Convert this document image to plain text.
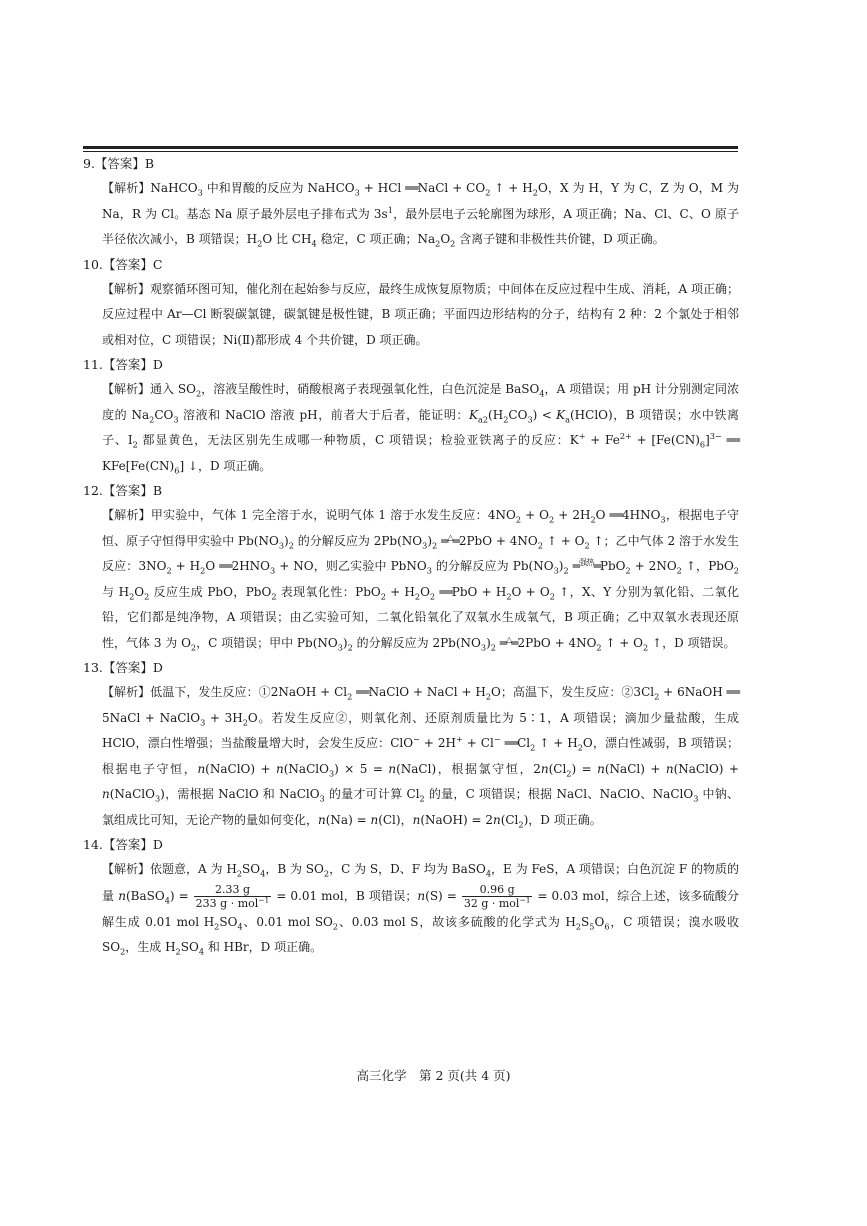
9.【答案】B

【解析】NaHCO$_3$ 中和胃酸的反应为 NaHCO$_3$ + HCl ══NaCl + $CO_2$ ↑ + $H_2O$，X 为 H，Y 为 C，Z 为 O，M 为 Na，R 为 Cl。基态 Na 原子最外层电子排布式为 $3s^1$，最外层电子云轮廓图为球形，A 项正确；Na、Cl、C、O 原子半径依次减小，B 项错误；$H_2O$ 比 $CH_4$ 稳定，C 项正确；$Na_2O_2$ 含离子键和非极性共价键，D 项正确。

10.【答案】C

【解析】观察循环图可知，催化剂在起始参与反应，最终生成恢复原物质；中间体在反应过程中生成、消耗，A 项正确；反应过程中 Ar—Cl 断裂碳氯键，碳氯键是极性键，B 项正确；平面四边形结构的分子，结构有 2 种：2 个氯处于相邻或相对位，C 项错误；Ni(Ⅱ)都形成 4 个共价键，D 项正确。

11.【答案】D

【解析】通入 $SO_2$，溶液呈酸性时，硝酸根离子表现强氧化性，白色沉淀是 BaSO$_4$，A 项错误；用 pH 计分别测定同浓度的 $Na_2CO_3$ 溶液和 NaClO 溶液 pH，前者大于后者，能证明：$K_{a2}(H_2CO_3)$ < $K_a(HClO)$，B 项错误；水中铁离子、$I_2$ 都显黄色，无法区别先生成哪一种物质，C 项错误；检验亚铁离子的反应：$K^+ + Fe^{2+} + [Fe(CN)_6]^{3-}$ ══ $KFe[Fe(CN)_6]$ ↓，D 项正确。

12.【答案】B

【解析】甲实验中，气体 1 完全溶于水，说明气体 1 溶于水发生反应：$4NO_2 + O_2 + 2H_2O$ $══4HNO_3$，根据电子守恒、原子守恒得甲实验中 $Pb(NO_3)_2$ 的分解反应为 $2Pb(NO_3)_2$ ═△═2PbO + $4NO_2$ ↑ + $O_2$ ↑；乙中气体 2 溶于水发生反应：$3NO_2 + H_2O$ $══2HNO_3$ + NO，则乙实验中 PbNO$_3$ 的分解反应为 $Pb(NO_3)_2$ ═$^{强热}$═PbO$_2$ + $2NO_2$ ↑，PbO$_2$ 与 $H_2O_2$ 反应生成 PbO，PbO$_2$ 表现氧化性：$PbO_2 + H_2O_2$ ══PbO + $H_2O + O_2$ ↑，X、Y 分别为氧化铅、二氧化铅，它们都是纯净物，A 项错误；由乙实验可知，二氧化铅氧化了双氧水生成氧气，B 项正确；乙中双氧水表现还原性，气体 3 为 $O_2$，C 项错误；甲中 $Pb(NO_3)_2$ 的分解反应为 $2Pb(NO_3)_2$ ═△═2PbO + $4NO_2$ ↑ + $O_2$ ↑，D 项错误。

13.【答案】D

【解析】低温下，发生反应：①2NaOH + $Cl_2$ ══NaClO + NaCl + $H_2O$；高温下，发生反应：$②3Cl_2$ + 6NaOH ══ 5NaCl + NaClO$_3$ + $3H_2O$。若发生反应②，则氧化剂、还原剂质量比为 5∶1，A 项错误；滴加少量盐酸，生成 HClO，漂白性增强；当盐酸量增大时，会发生反应：ClO− + 2H+ + Cl− $══Cl_2$ ↑ + $H_2O$，漂白性减弱，B 项错误；根据电子守恒，n(NaClO) + n(NaClO$_3$) × 5 = n(NaCl)，根据氯守恒，$2n(Cl_2)$ = n(NaCl) + n(NaClO) + n(NaClO$_3$)，需根据 NaClO 和 NaClO$_3$ 的量才可计算 $Cl_2$ 的量，C 项错误；根据 NaCl、NaClO、NaClO$_3$ 中钠、氯组成比可知，无论产物的量如何变化，n(Na) = n(Cl)，n(NaOH) = $2n(Cl_2)$，D 项正确。

14.【答案】D

【解析】依题意，A 为 $H_2SO_4$，B 为 $SO_2$，C 为 S，D、F 均为 BaSO$_4$，E 为 FeS，A 项错误；白色沉淀 F 的物质的量 n(BaSO$_4$) = $\frac{2.33 g}{233 g \cdot mol^{-1}} = 0.01$ mol，B 项错误；$n(S) = \frac{0.96 g}{32 g \cdot mol^{-1}} = 0.03$ mol，综合上述，该多硫酸分解生成 0.01 mol $H_2SO_4$、0.01 mol $SO_2$、0.03 mol S，故该多硫酸的化学式为 $H_2S_5O_6$，C 项错误；溴水吸收 $SO_2$，生成 $H_2SO_4$ 和 HBr，D 项正确。

高三化学　第 2 页(共 4 页)
